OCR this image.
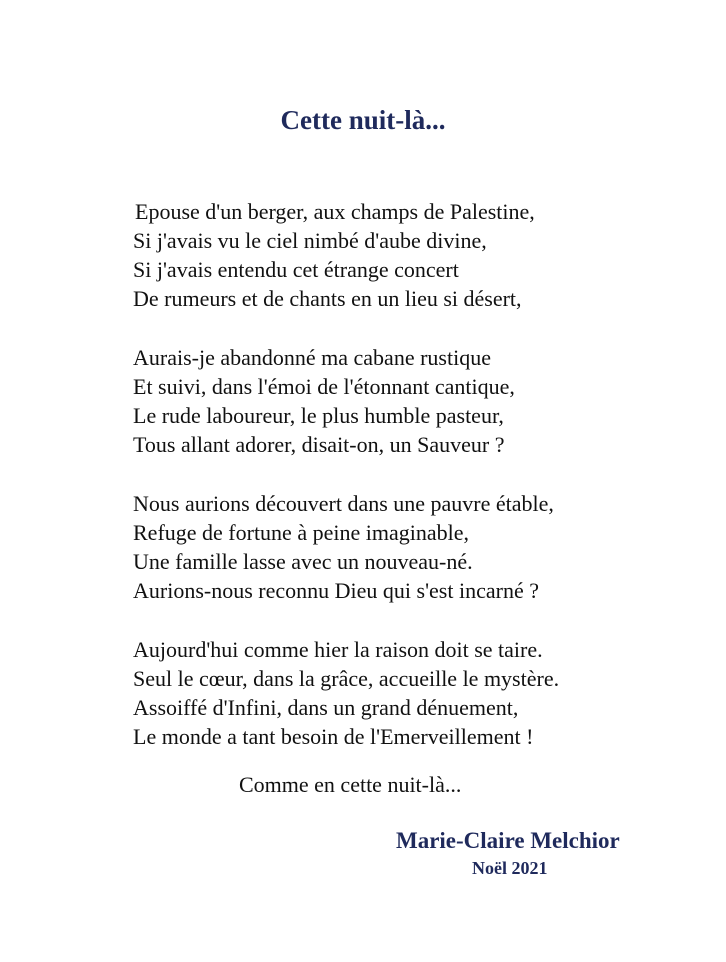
Cette nuit-là...
Epouse d'un berger, aux champs de Palestine,
Si j'avais vu le ciel nimbé d'aube divine,
Si j'avais entendu cet étrange concert
De rumeurs et de chants en un lieu si désert,
Aurais-je abandonné ma cabane rustique
Et suivi, dans l'émoi de l'étonnant cantique,
Le rude laboureur, le plus humble pasteur,
Tous allant adorer, disait-on, un Sauveur ?
Nous aurions découvert dans une pauvre étable,
Refuge de fortune à peine imaginable,
Une famille lasse avec un nouveau-né.
Aurions-nous reconnu Dieu qui s'est incarné ?
Aujourd'hui comme hier la raison doit se taire.
Seul le cœur, dans la grâce, accueille le mystère.
Assoiffé d'Infini, dans un grand dénuement,
Le monde a tant besoin de l'Emerveillement !

Comme en cette nuit-là...

Marie-Claire Melchior

Noël 2021
